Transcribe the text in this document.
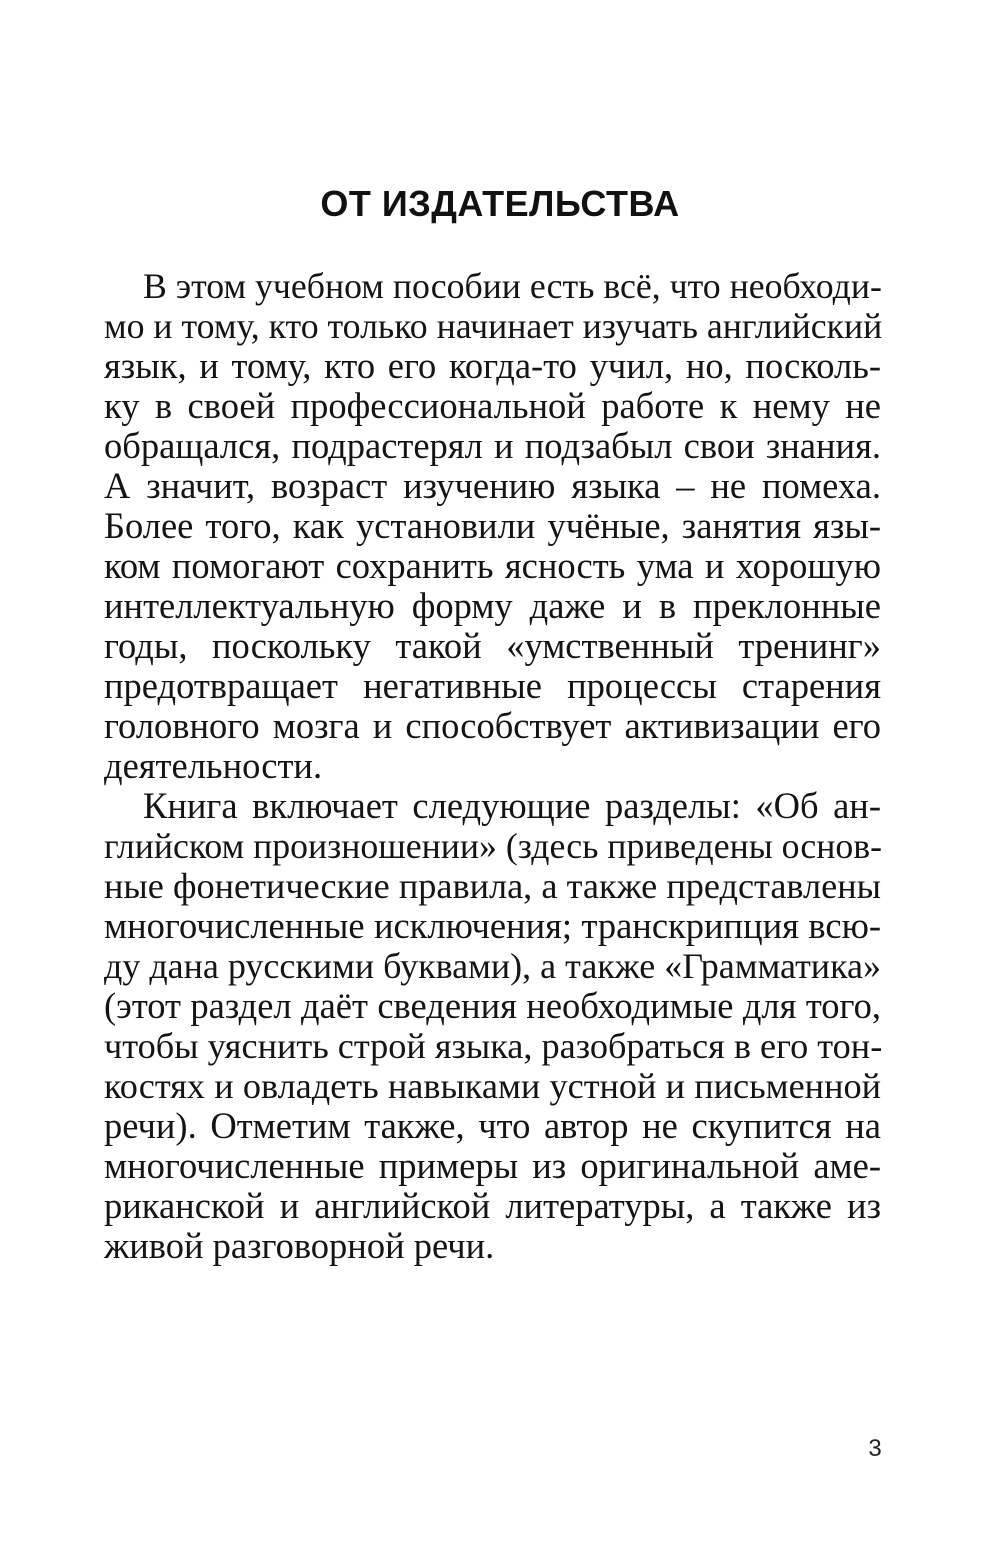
ОТ ИЗДАТЕЛЬСТВА

В этом учебном пособии есть всё, что необходи-

мо и тому, кто только начинает изучать английский

язык, и тому, кто его когда-то учил, но, посколь-

ку в своей профессиональной работе к нему не

обращался, подрастерял и подзабыл свои знания.

А значит, возраст изучению языка – не помеха.

Более того, как установили учёные, занятия язы-

ком помогают сохранить ясность ума и хорошую

интеллектуальную форму даже и в преклонные

годы, поскольку такой «умственный тренинг»

предотвращает негативные процессы старения

головного мозга и способствует активизации его

деятельности.

Книга включает следующие разделы: «Об ан-

глийском произношении» (здесь приведены основ-

ные фонетические правила, а также представлены

многочисленные исключения; транскрипция всю-

ду дана русскими буквами), а также «Грамматика»

(этот раздел даёт сведения необходимые для того,

чтобы уяснить строй языка, разобраться в его тон-

костях и овладеть навыками устной и письменной

речи). Отметим также, что автор не скупится на

многочисленные примеры из оригинальной аме-

риканской и английской литературы, а также из

живой разговорной речи.

3
